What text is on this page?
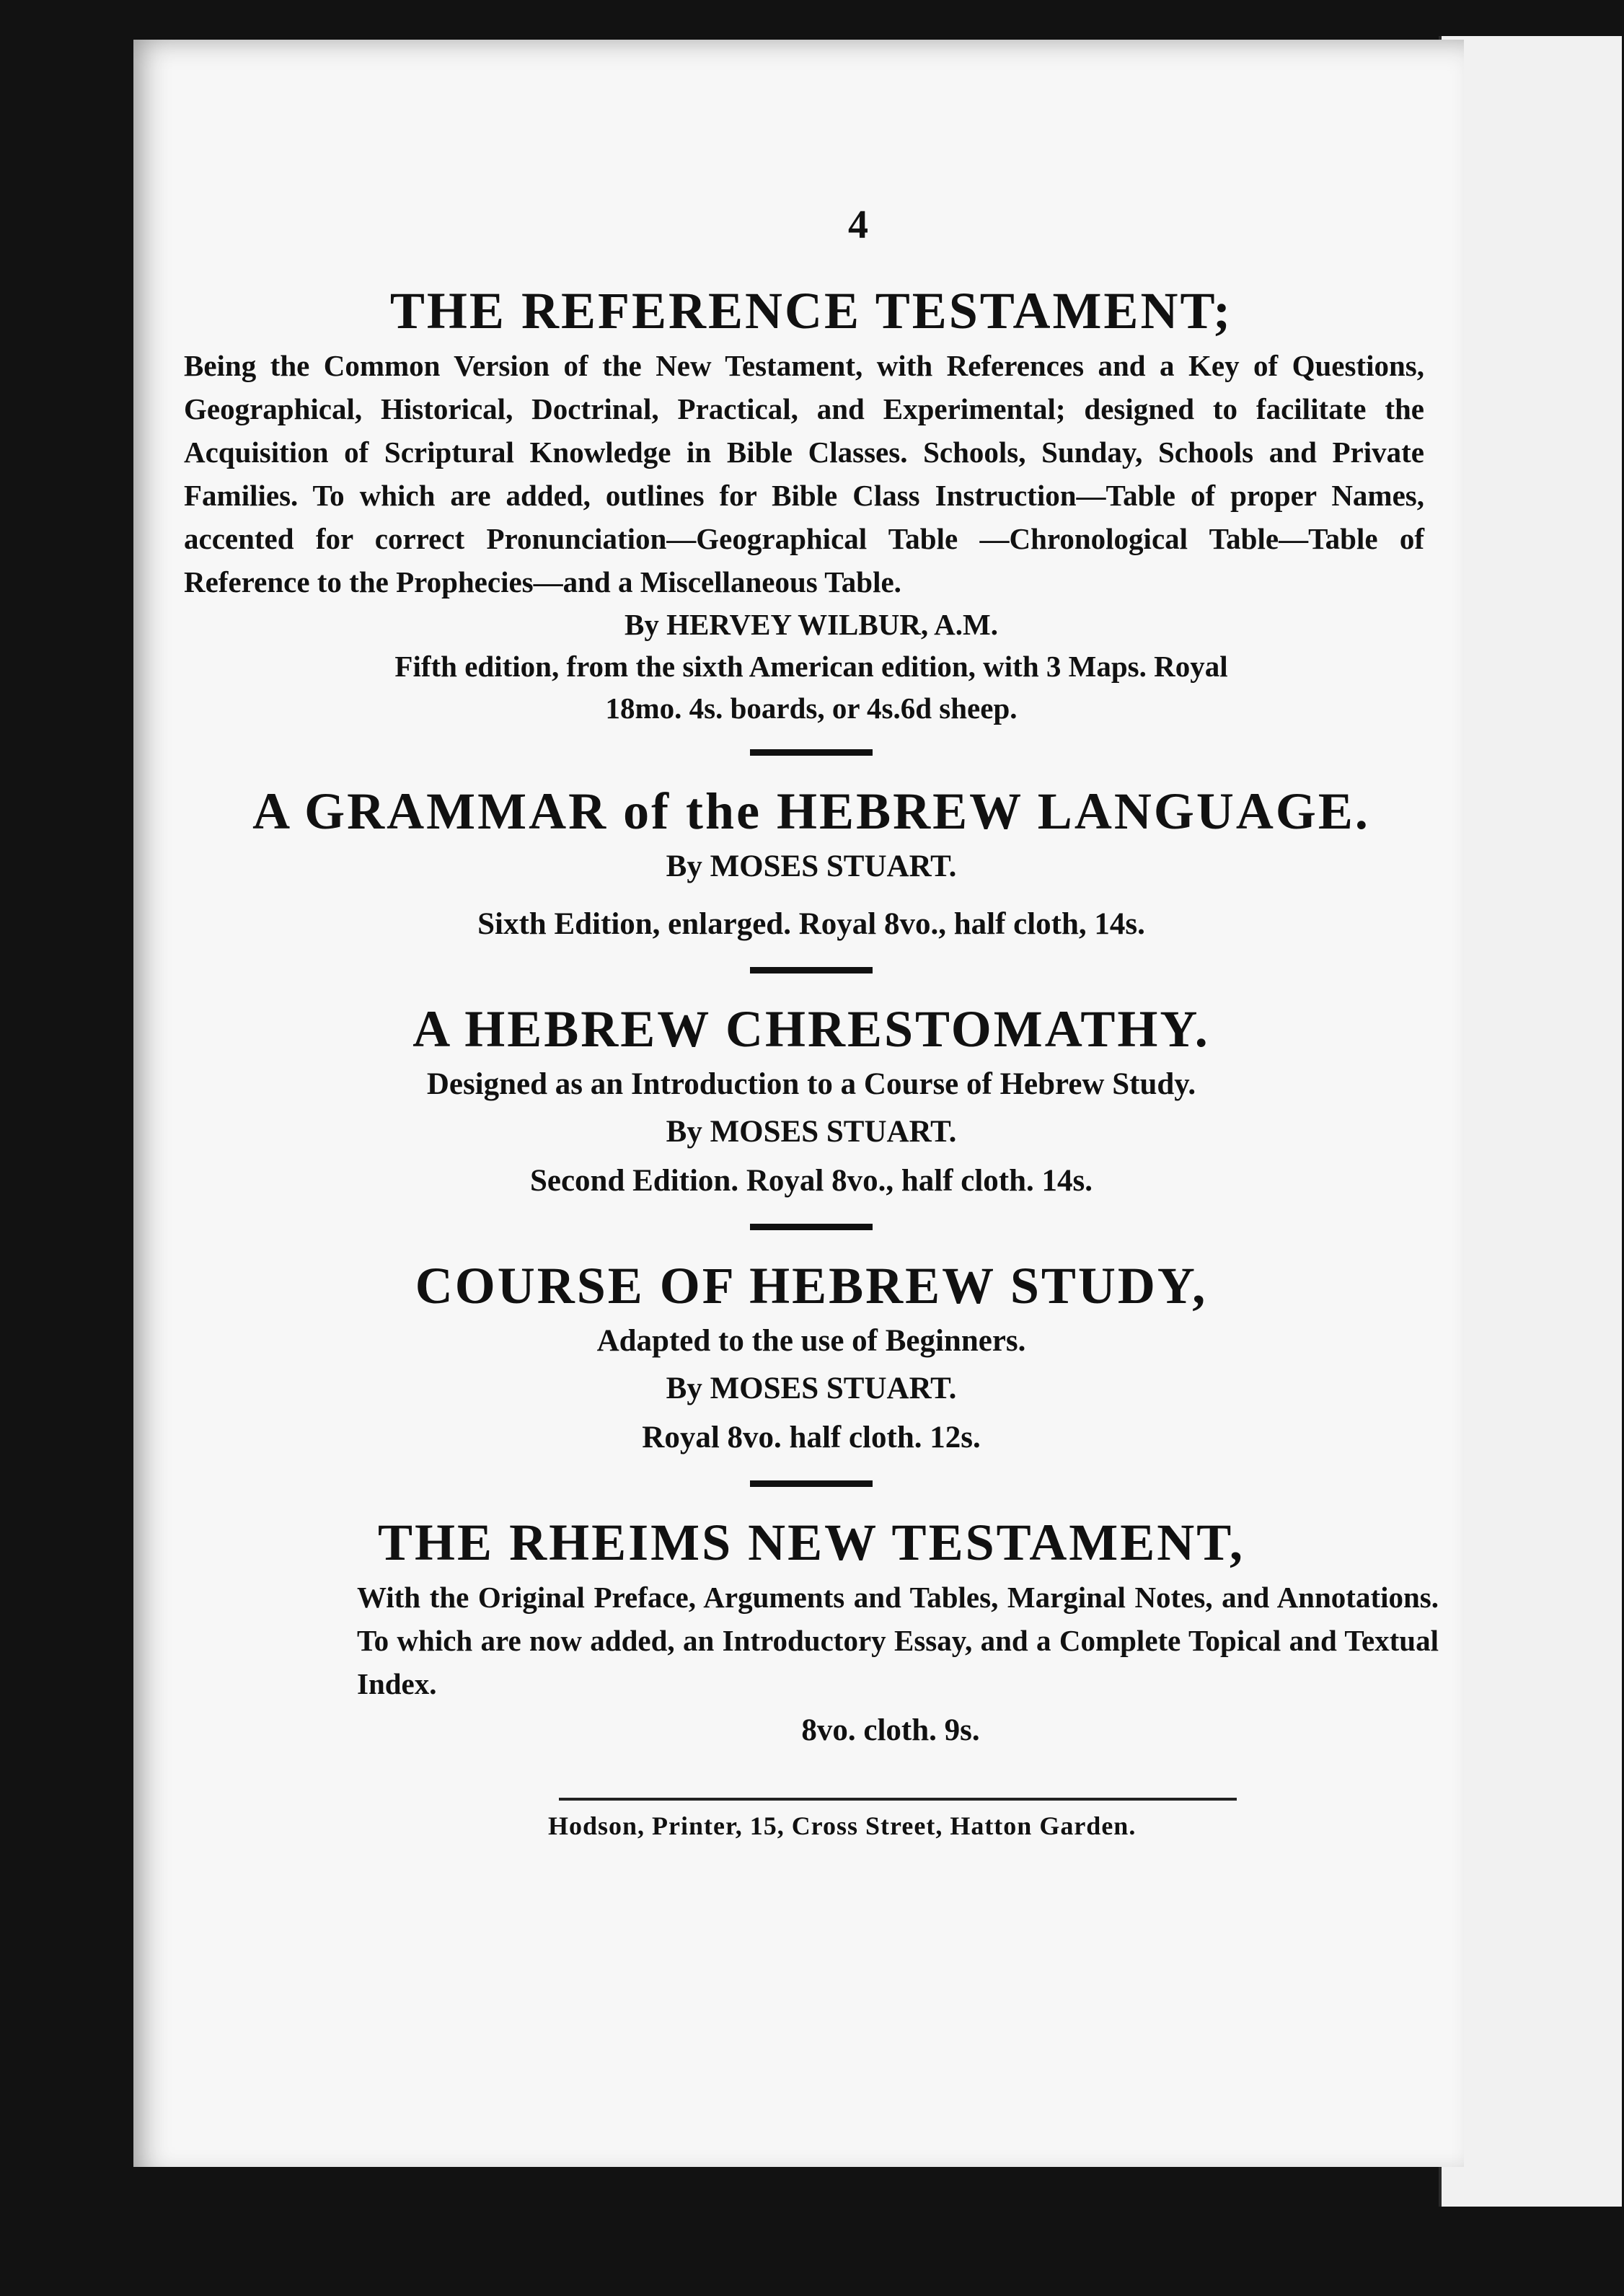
4
THE REFERENCE TESTAMENT;

Being the Common Version of the New Testament, with References and a Key of Questions, Geographical, Historical, Doctrinal, Practical, and Experimental; designed to facilitate the Acquisition of Scriptural Knowledge in Bible Classes. Schools, Sunday, Schools and Private Families. To which are added, outlines for Bible Class Instruction—Table of proper Names, accented for correct Pronunciation—Geographical Table —Chronological Table—Table of Reference to the Prophecies—and a Miscellaneous Table.

By HERVEY WILBUR, A.M.

Fifth edition, from the sixth American edition, with 3 Maps. Royal

18mo. 4s. boards, or 4s.6d sheep.

A GRAMMAR of the HEBREW LANGUAGE.

By MOSES STUART.

Sixth Edition, enlarged. Royal 8vo., half cloth, 14s.

A HEBREW CHRESTOMATHY.

Designed as an Introduction to a Course of Hebrew Study.

By MOSES STUART.

Second Edition. Royal 8vo., half cloth. 14s.

COURSE OF HEBREW STUDY,

Adapted to the use of Beginners.

By MOSES STUART.

Royal 8vo. half cloth. 12s.

THE RHEIMS NEW TESTAMENT,

With the Original Preface, Arguments and Tables, Marginal Notes, and Annotations. To which are now added, an Introductory Essay, and a Complete Topical and Textual Index.

8vo. cloth. 9s.

Hodson, Printer, 15, Cross Street, Hatton Garden.
